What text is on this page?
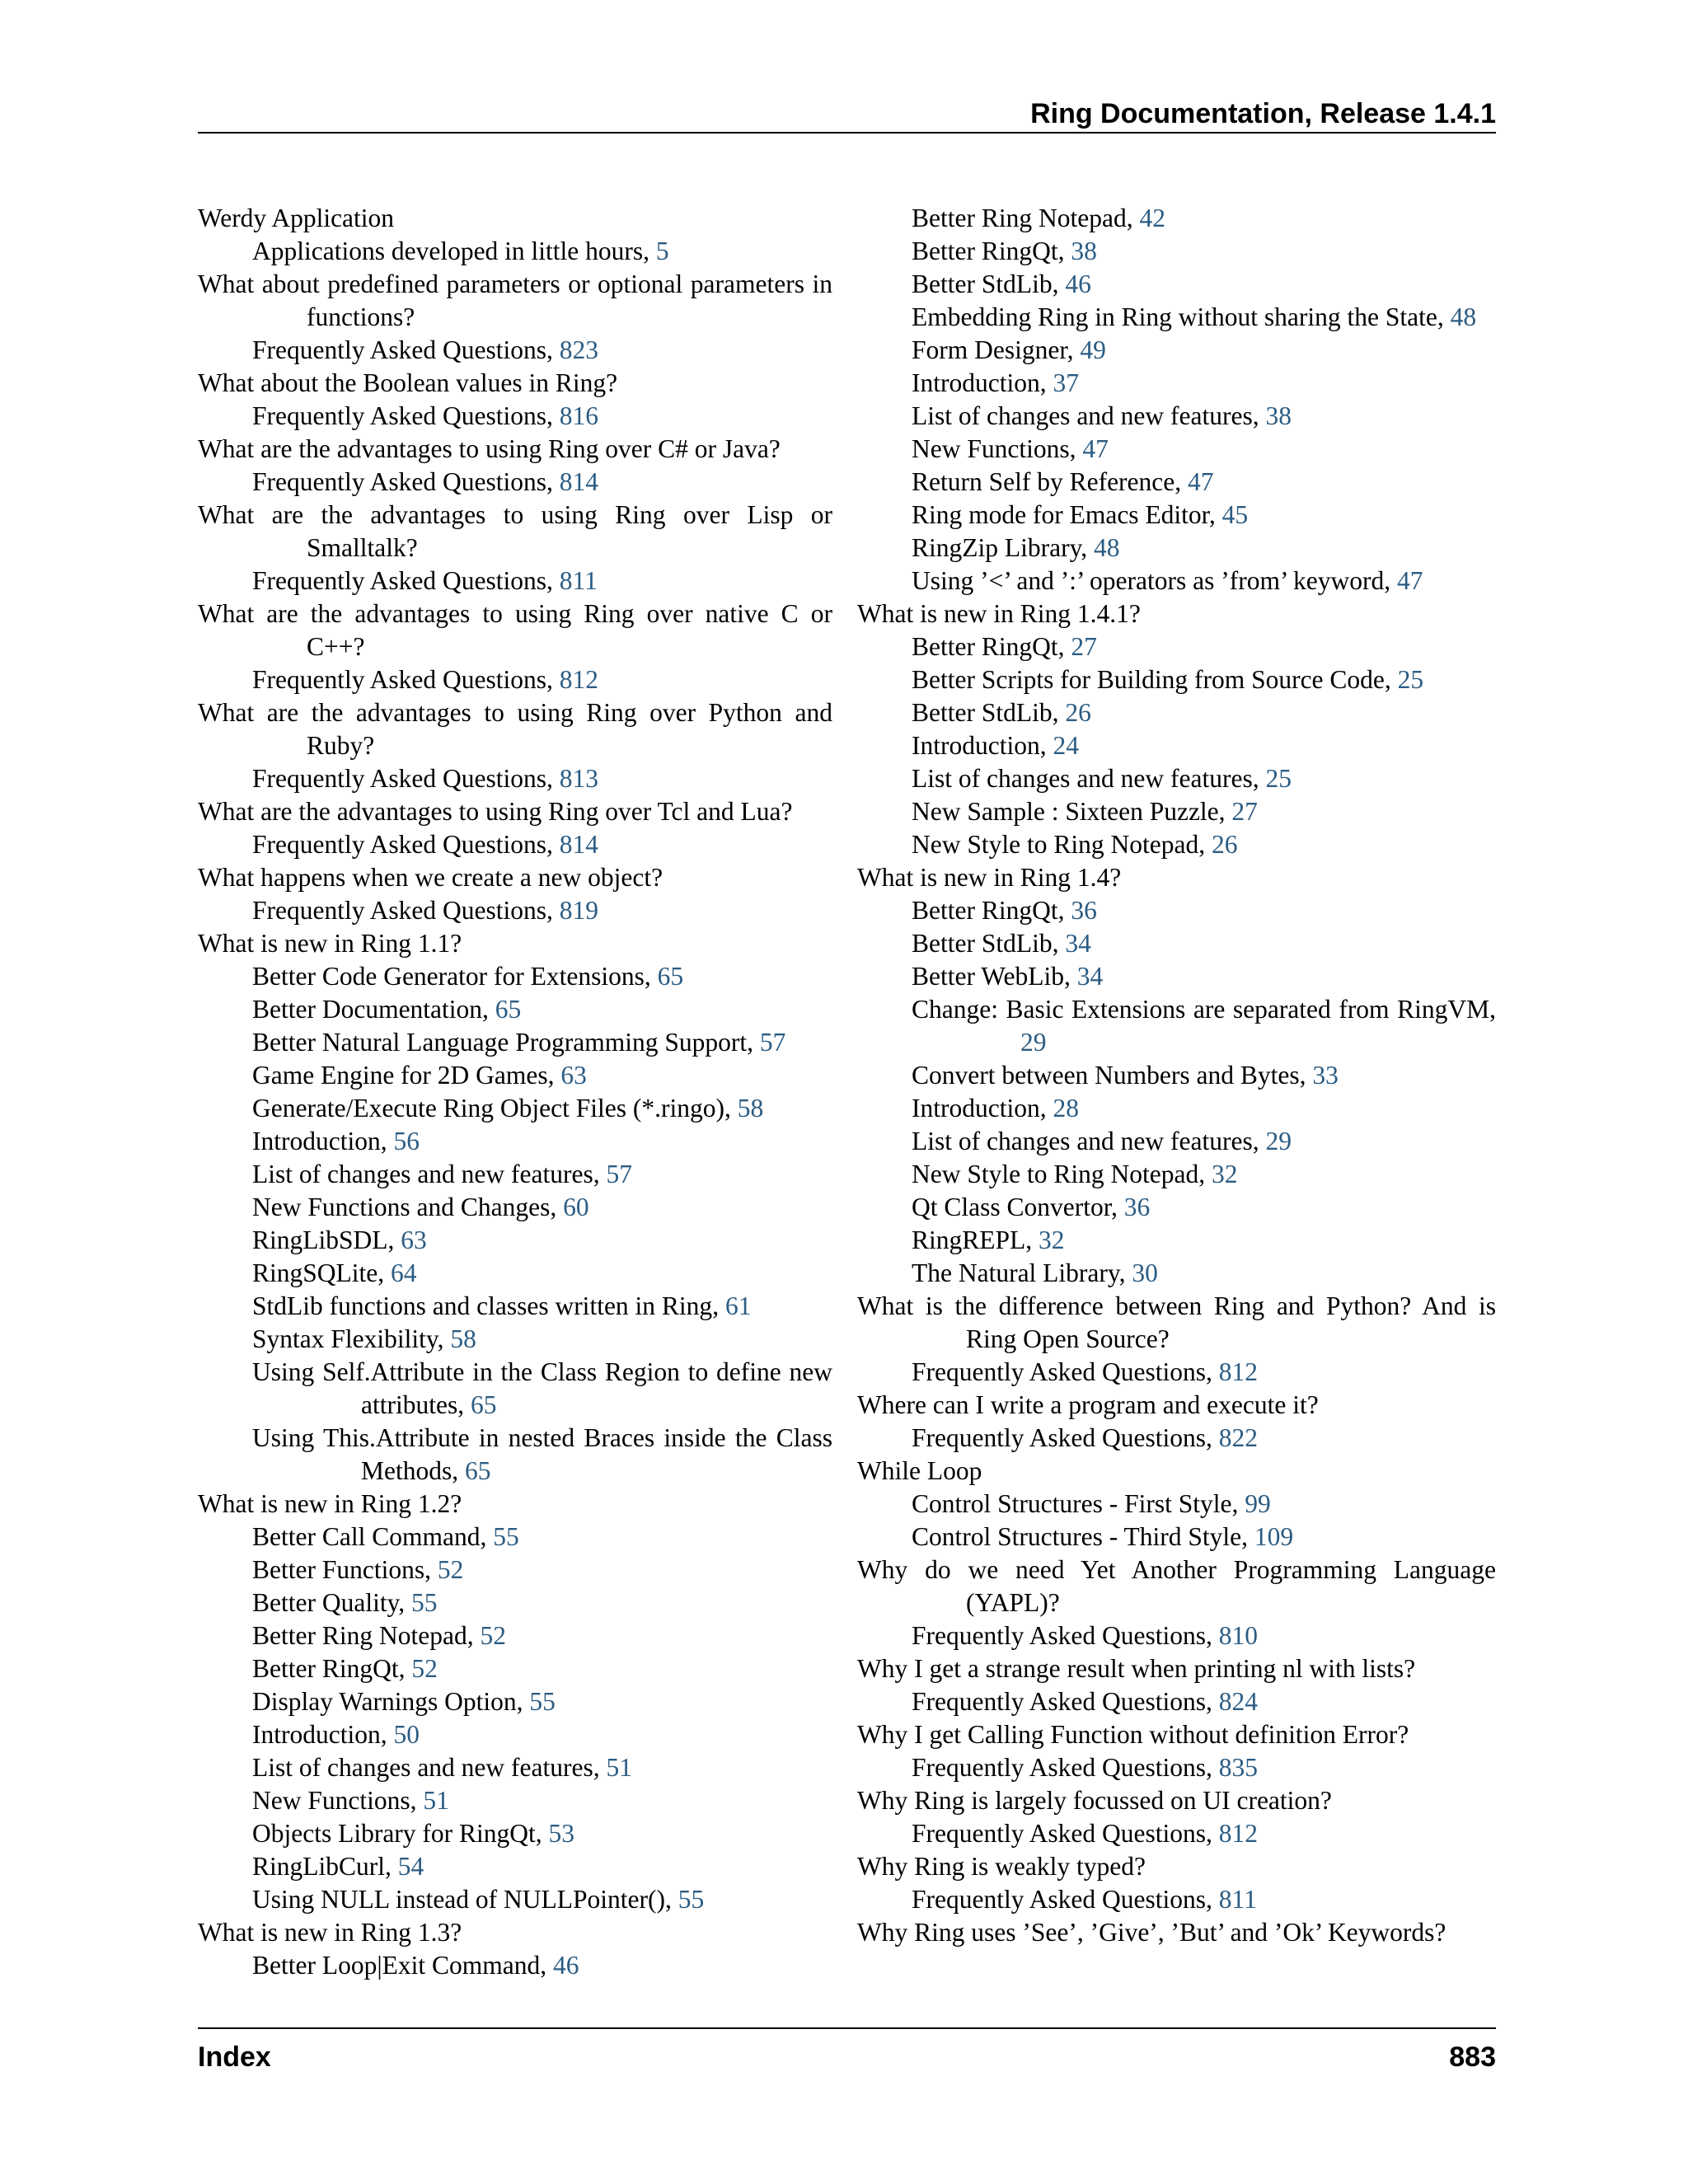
Ring Documentation, Release 1.4.1
Werdy Application
Applications developed in little hours, 5
What about predefined parameters or optional parameters in functions?
Frequently Asked Questions, 823
What about the Boolean values in Ring?
Frequently Asked Questions, 816
What are the advantages to using Ring over C# or Java?
Frequently Asked Questions, 814
What are the advantages to using Ring over Lisp or Smalltalk?
Frequently Asked Questions, 811
What are the advantages to using Ring over native C or C++?
Frequently Asked Questions, 812
What are the advantages to using Ring over Python and Ruby?
Frequently Asked Questions, 813
What are the advantages to using Ring over Tcl and Lua?
Frequently Asked Questions, 814
What happens when we create a new object?
Frequently Asked Questions, 819
What is new in Ring 1.1?
Better Code Generator for Extensions, 65
Better Documentation, 65
Better Natural Language Programming Support, 57
Game Engine for 2D Games, 63
Generate/Execute Ring Object Files (*.ringo), 58
Introduction, 56
List of changes and new features, 57
New Functions and Changes, 60
RingLibSDL, 63
RingSQLite, 64
StdLib functions and classes written in Ring, 61
Syntax Flexibility, 58
Using Self.Attribute in the Class Region to define new attributes, 65
Using This.Attribute in nested Braces inside the Class Methods, 65
What is new in Ring 1.2?
Better Call Command, 55
Better Functions, 52
Better Quality, 55
Better Ring Notepad, 52
Better RingQt, 52
Display Warnings Option, 55
Introduction, 50
List of changes and new features, 51
New Functions, 51
Objects Library for RingQt, 53
RingLibCurl, 54
Using NULL instead of NULLPointer(), 55
What is new in Ring 1.3?
Better Loop|Exit Command, 46
Better Ring Notepad, 42
Better RingQt, 38
Better StdLib, 46
Embedding Ring in Ring without sharing the State, 48
Form Designer, 49
Introduction, 37
List of changes and new features, 38
New Functions, 47
Return Self by Reference, 47
Ring mode for Emacs Editor, 45
RingZip Library, 48
Using ’<’ and ’:’ operators as ’from’ keyword, 47
What is new in Ring 1.4.1?
Better RingQt, 27
Better Scripts for Building from Source Code, 25
Better StdLib, 26
Introduction, 24
List of changes and new features, 25
New Sample : Sixteen Puzzle, 27
New Style to Ring Notepad, 26
What is new in Ring 1.4?
Better RingQt, 36
Better StdLib, 34
Better WebLib, 34
Change: Basic Extensions are separated from RingVM, 29
Convert between Numbers and Bytes, 33
Introduction, 28
List of changes and new features, 29
New Style to Ring Notepad, 32
Qt Class Convertor, 36
RingREPL, 32
The Natural Library, 30
What is the difference between Ring and Python? And is Ring Open Source?
Frequently Asked Questions, 812
Where can I write a program and execute it?
Frequently Asked Questions, 822
While Loop
Control Structures - First Style, 99
Control Structures - Third Style, 109
Why do we need Yet Another Programming Language (YAPL)?
Frequently Asked Questions, 810
Why I get a strange result when printing nl with lists?
Frequently Asked Questions, 824
Why I get Calling Function without definition Error?
Frequently Asked Questions, 835
Why Ring is largely focussed on UI creation?
Frequently Asked Questions, 812
Why Ring is weakly typed?
Frequently Asked Questions, 811
Why Ring uses ’See’, ’Give’, ’But’ and ’Ok’ Keywords?
Index	883
